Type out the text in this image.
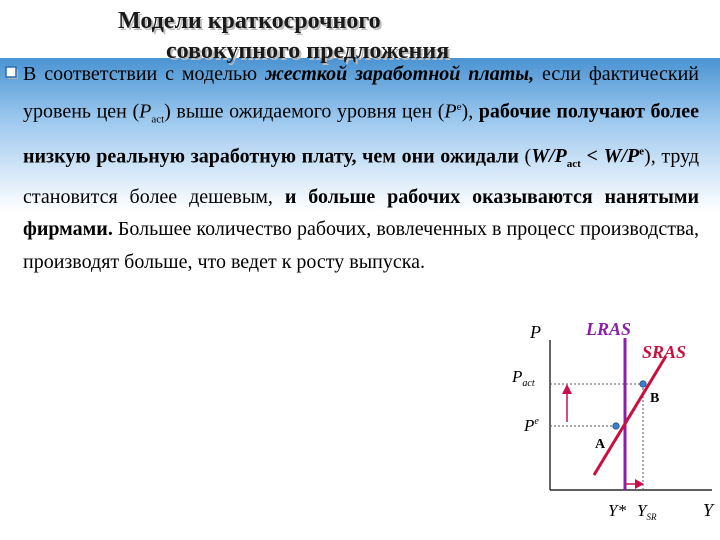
Модели краткосрочного
совокупного предложения
В соответствии с моделью жесткой заработной платы, если фактический уровень цен $(P_{act})$ выше ожидаемого уровня цен $(P^e)$, рабочие получают более низкую реальную заработную плату, чем они ожидали $(W/P_{act} < W/P^e)$, труд становится более дешевым, и больше рабочих оказываются нанятыми фирмами. Большее количество рабочих, вовлеченных в процесс производства, производят больше, что ведет к росту выпуска.
P	LRAS
SRAS
$P_{act}$
$P^e$
B
A
Y* $Y_{SR}$	Y
